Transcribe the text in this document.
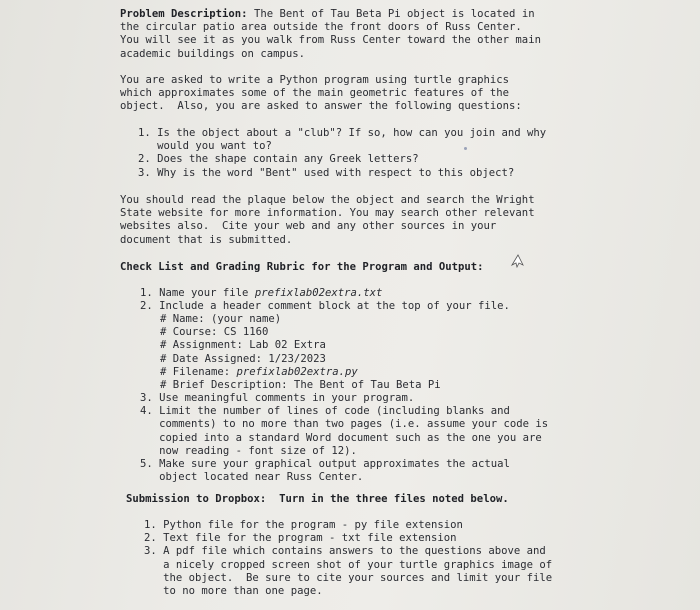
Problem Description: The Bent of Tau Beta Pi object is located in
the circular patio area outside the front doors of Russ Center.
You will see it as you walk from Russ Center toward the other main
academic buildings on campus.
You are asked to write a Python program using turtle graphics
which approximates some of the main geometric features of the
object.  Also, you are asked to answer the following questions:
1. Is the object about a "club"? If so, how can you join and why
would you want to?
2. Does the shape contain any Greek letters?
3. Why is the word "Bent" used with respect to this object?
You should read the plaque below the object and search the Wright
State website for more information. You may search other relevant
websites also.  Cite your web and any other sources in your
document that is submitted.
Check List and Grading Rubric for the Program and Output:
1. Name your file prefixlab02extra.txt
2. Include a header comment block at the top of your file.
# Name: (your name)
# Course: CS 1160
# Assignment: Lab 02 Extra
# Date Assigned: 1/23/2023
# Filename: prefixlab02extra.py
# Brief Description: The Bent of Tau Beta Pi
3. Use meaningful comments in your program.
4. Limit the number of lines of code (including blanks and
comments) to no more than two pages (i.e. assume your code is
copied into a standard Word document such as the one you are
now reading - font size of 12).
5. Make sure your graphical output approximates the actual
object located near Russ Center.
Submission to Dropbox: Turn in the three files noted below.
1. Python file for the program - py file extension
2. Text file for the program - txt file extension
3. A pdf file which contains answers to the questions above and
a nicely cropped screen shot of your turtle graphics image of
the object.  Be sure to cite your sources and limit your file
to no more than one page.
